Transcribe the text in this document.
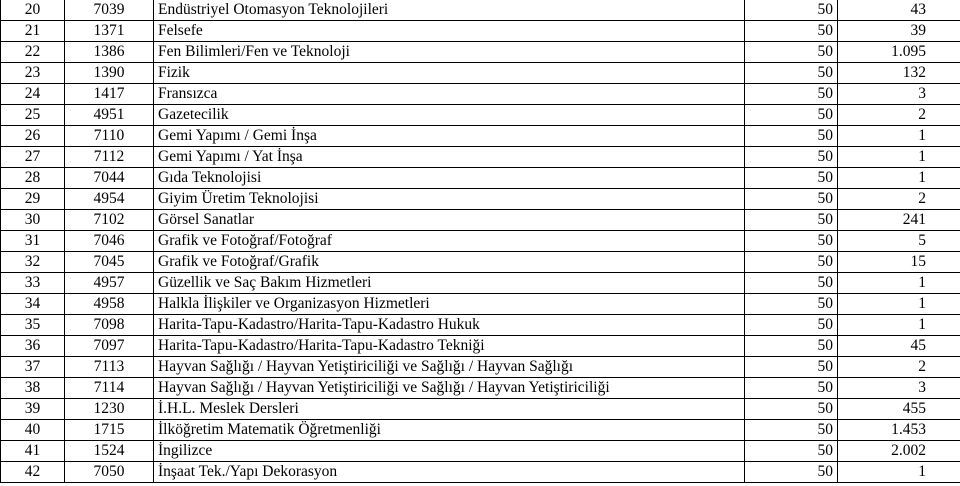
20	7039	Endüstriyel Otomasyon Teknolojileri	50	43
21	1371	Felsefe	50	39
22	1386	Fen Bilimleri/Fen ve Teknoloji	50	1.095
23	1390	Fizik	50	132
24	1417	Fransızca	50	3
25	4951	Gazetecilik	50	2
26	7110	Gemi Yapımı / Gemi İnşa	50	1
27	7112	Gemi Yapımı / Yat İnşa	50	1
28	7044	Gıda Teknolojisi	50	1
29	4954	Giyim Üretim Teknolojisi	50	2
30	7102	Görsel Sanatlar	50	241
31	7046	Grafik ve Fotoğraf/Fotoğraf	50	5
32	7045	Grafik ve Fotoğraf/Grafik	50	15
33	4957	Güzellik ve Saç Bakım Hizmetleri	50	1
34	4958	Halkla İlişkiler ve Organizasyon Hizmetleri	50	1
35	7098	Harita-Tapu-Kadastro/Harita-Tapu-Kadastro Hukuk	50	1
36	7097	Harita-Tapu-Kadastro/Harita-Tapu-Kadastro Tekniği	50	45
37	7113	Hayvan Sağlığı / Hayvan Yetiştiriciliği ve Sağlığı / Hayvan Sağlığı	50	2
38	7114	Hayvan Sağlığı / Hayvan Yetiştiriciliği ve Sağlığı / Hayvan Yetiştiriciliği	50	3
39	1230	İ.H.L. Meslek Dersleri	50	455
40	1715	İlköğretim Matematik Öğretmenliği	50	1.453
41	1524	İngilizce	50	2.002
42	7050	İnşaat Tek./Yapı Dekorasyon	50	1
